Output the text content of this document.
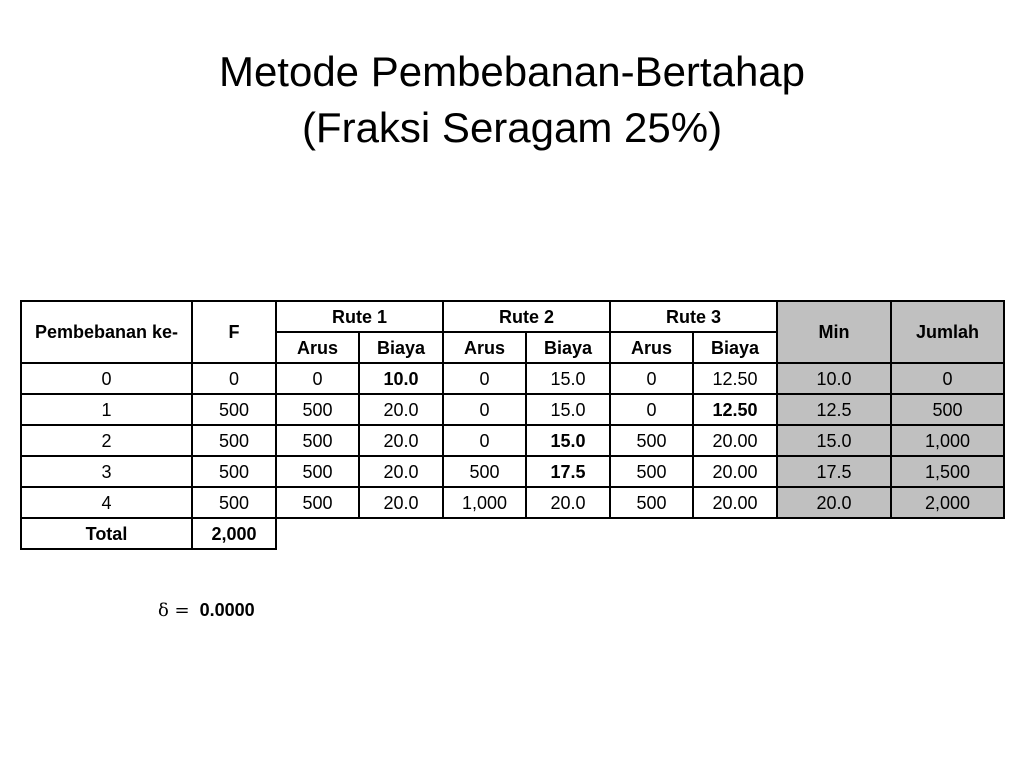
Metode Pembebanan-Bertahap
(Fraksi Seragam 25%)
Pembebanan ke-	F	Rute 1		Rute 2		Rute 3		Min	Jumlah
		Arus	Biaya	Arus	Biaya	Arus	Biaya		
0	0	0	10.0	0	15.0	0	12.50	10.0	0
1	500	500	20.0	0	15.0	0	12.50	12.5	500
2	500	500	20.0	0	15.0	500	20.00	15.0	1,000
3	500	500	20.0	500	17.5	500	20.00	17.5	1,500
4	500	500	20.0	1,000	20.0	500	20.00	20.0	2,000
Total	2,000								
δ = 0.0000
